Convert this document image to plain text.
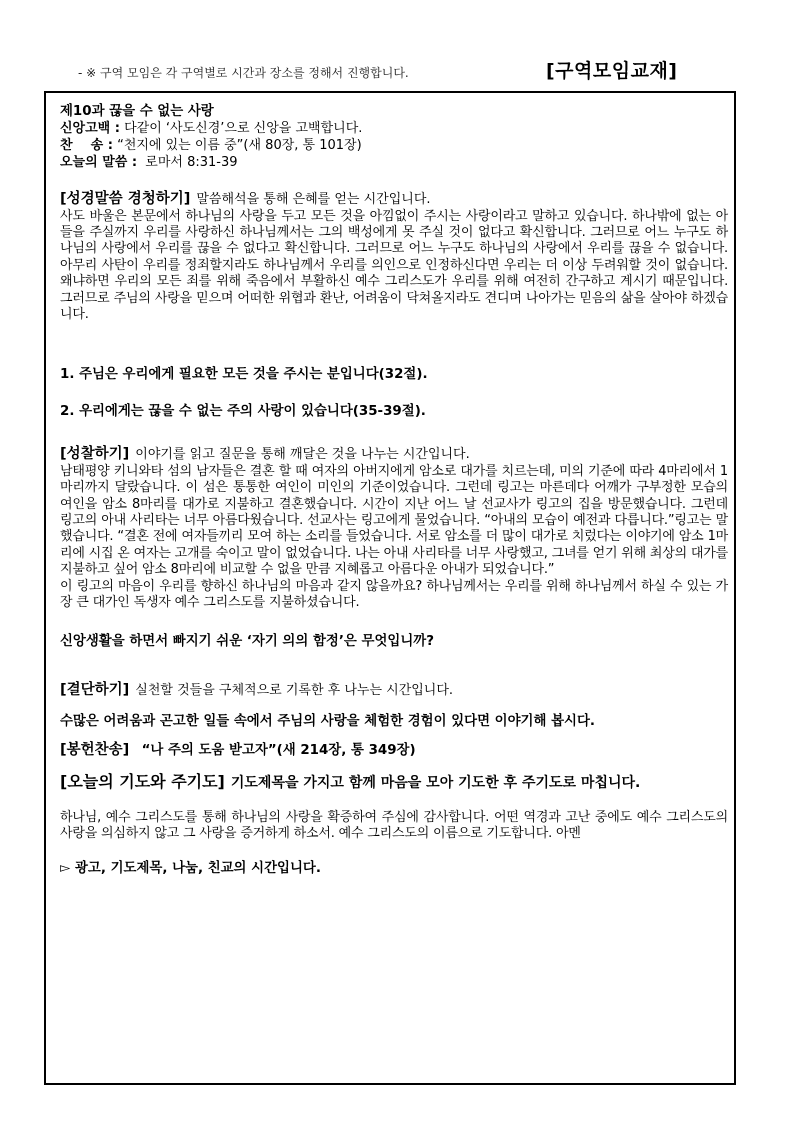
- ※ 구역 모임은 각 구역별로 시간과 장소를 정해서 진행합니다.	[구역모임교재]
제10과 끊을 수 없는 사랑
신앙고백 : 다같이 ‘사도신경’으로 신앙을 고백합니다.
찬    송 : “천지에 있는 이름 중”(새 80장, 통 101장)
오늘의 말씀 :  로마서 8:31-39
[성경말씀 경청하기] 말씀해석을 통해 은혜를 얻는 시간입니다.
사도 바울은 본문에서 하나님의 사랑을 두고 모든 것을 아낌없이 주시는 사랑이라고 말하고 있습니다. 하나밖에 없는 아들을 주실까지 우리를 사랑하신 하나님께서는 그의 백성에게 못 주실 것이 없다고 확신합니다. 그러므로 어느 누구도 하나님의 사랑에서 우리를 끊을 수 없다고 확신합니다. 그러므로 어느 누구도 하나님의 사랑에서 우리를 끊을 수 없습니다. 아무리 사탄이 우리를 정죄할지라도 하나님께서 우리를 의인으로 인정하신다면 우리는 더 이상 두려워할 것이 없습니다. 왜냐하면 우리의 모든 죄를 위해 죽음에서 부활하신 예수 그리스도가 우리를 위해 여전히 간구하고 계시기 때문입니다. 그러므로 주님의 사랑을 믿으며 어떠한 위협과 환난, 어려움이 닥쳐올지라도 견디며 나아가는 믿음의 삶을 살아야 하겠습니다.
1. 주님은 우리에게 필요한 모든 것을 주시는 분입니다(32절).
2. 우리에게는 끊을 수 없는 주의 사랑이 있습니다(35-39절).
[성찰하기] 이야기를 읽고 질문을 통해 깨달은 것을 나누는 시간입니다.
남태평양 키니와타 섬의 남자들은 결혼 할 때 여자의 아버지에게 암소로 대가를 치르는데, 미의 기준에 따라 4마리에서 1마리까지 달랐습니다. 이 섬은 통통한 여인이 미인의 기준이었습니다. 그런데 링고는 마른데다 어깨가 구부정한 모습의 여인을 암소 8마리를 대가로 지불하고 결혼했습니다. 시간이 지난 어느 날 선교사가 링고의 집을 방문했습니다. 그런데 링고의 아내 사리타는 너무 아름다웠습니다. 선교사는 링고에게 물었습니다. “아내의 모습이 예전과 다릅니다.”링고는 말했습니다. “결혼 전에 여자들끼리 모여 하는 소리를 들었습니다. 서로 암소를 더 많이 대가로 치렀다는 이야기에 암소 1마리에 시집 온 여자는 고개를 숙이고 말이 없었습니다. 나는 아내 사리타를 너무 사랑했고, 그녀를 얻기 위해 최상의 대가를 지불하고 싶어 암소 8마리에 비교할 수 없을 만큼 지혜롭고 아름다운 아내가 되었습니다.”
이 링고의 마음이 우리를 향하신 하나님의 마음과 같지 않을까요? 하나님께서는 우리를 위해 하나님께서 하실 수 있는 가장 큰 대가인 독생자 예수 그리스도를 지불하셨습니다.
신앙생활을 하면서 빠지기 쉬운 ‘자기 의의 함정’은 무엇입니까?
[결단하기] 실천할 것들을 구체적으로 기록한 후 나누는 시간입니다.
수많은 어려움과 곤고한 일들 속에서 주님의 사랑을 체험한 경험이 있다면 이야기해 봅시다.
[봉헌찬송] “나 주의 도움 받고자”(새 214장, 통 349장)
[오늘의 기도와 주기도] 기도제목을 가지고 함께 마음을 모아 기도한 후 주기도로 마칩니다.
하나님, 예수 그리스도를 통해 하나님의 사랑을 확증하여 주심에 감사합니다. 어떤 역경과 고난 중에도 예수 그리스도의 사랑을 의심하지 않고 그 사랑을 증거하게 하소서. 예수 그리스도의 이름으로 기도합니다. 아멘
▻ 광고, 기도제목, 나눔, 친교의 시간입니다.
